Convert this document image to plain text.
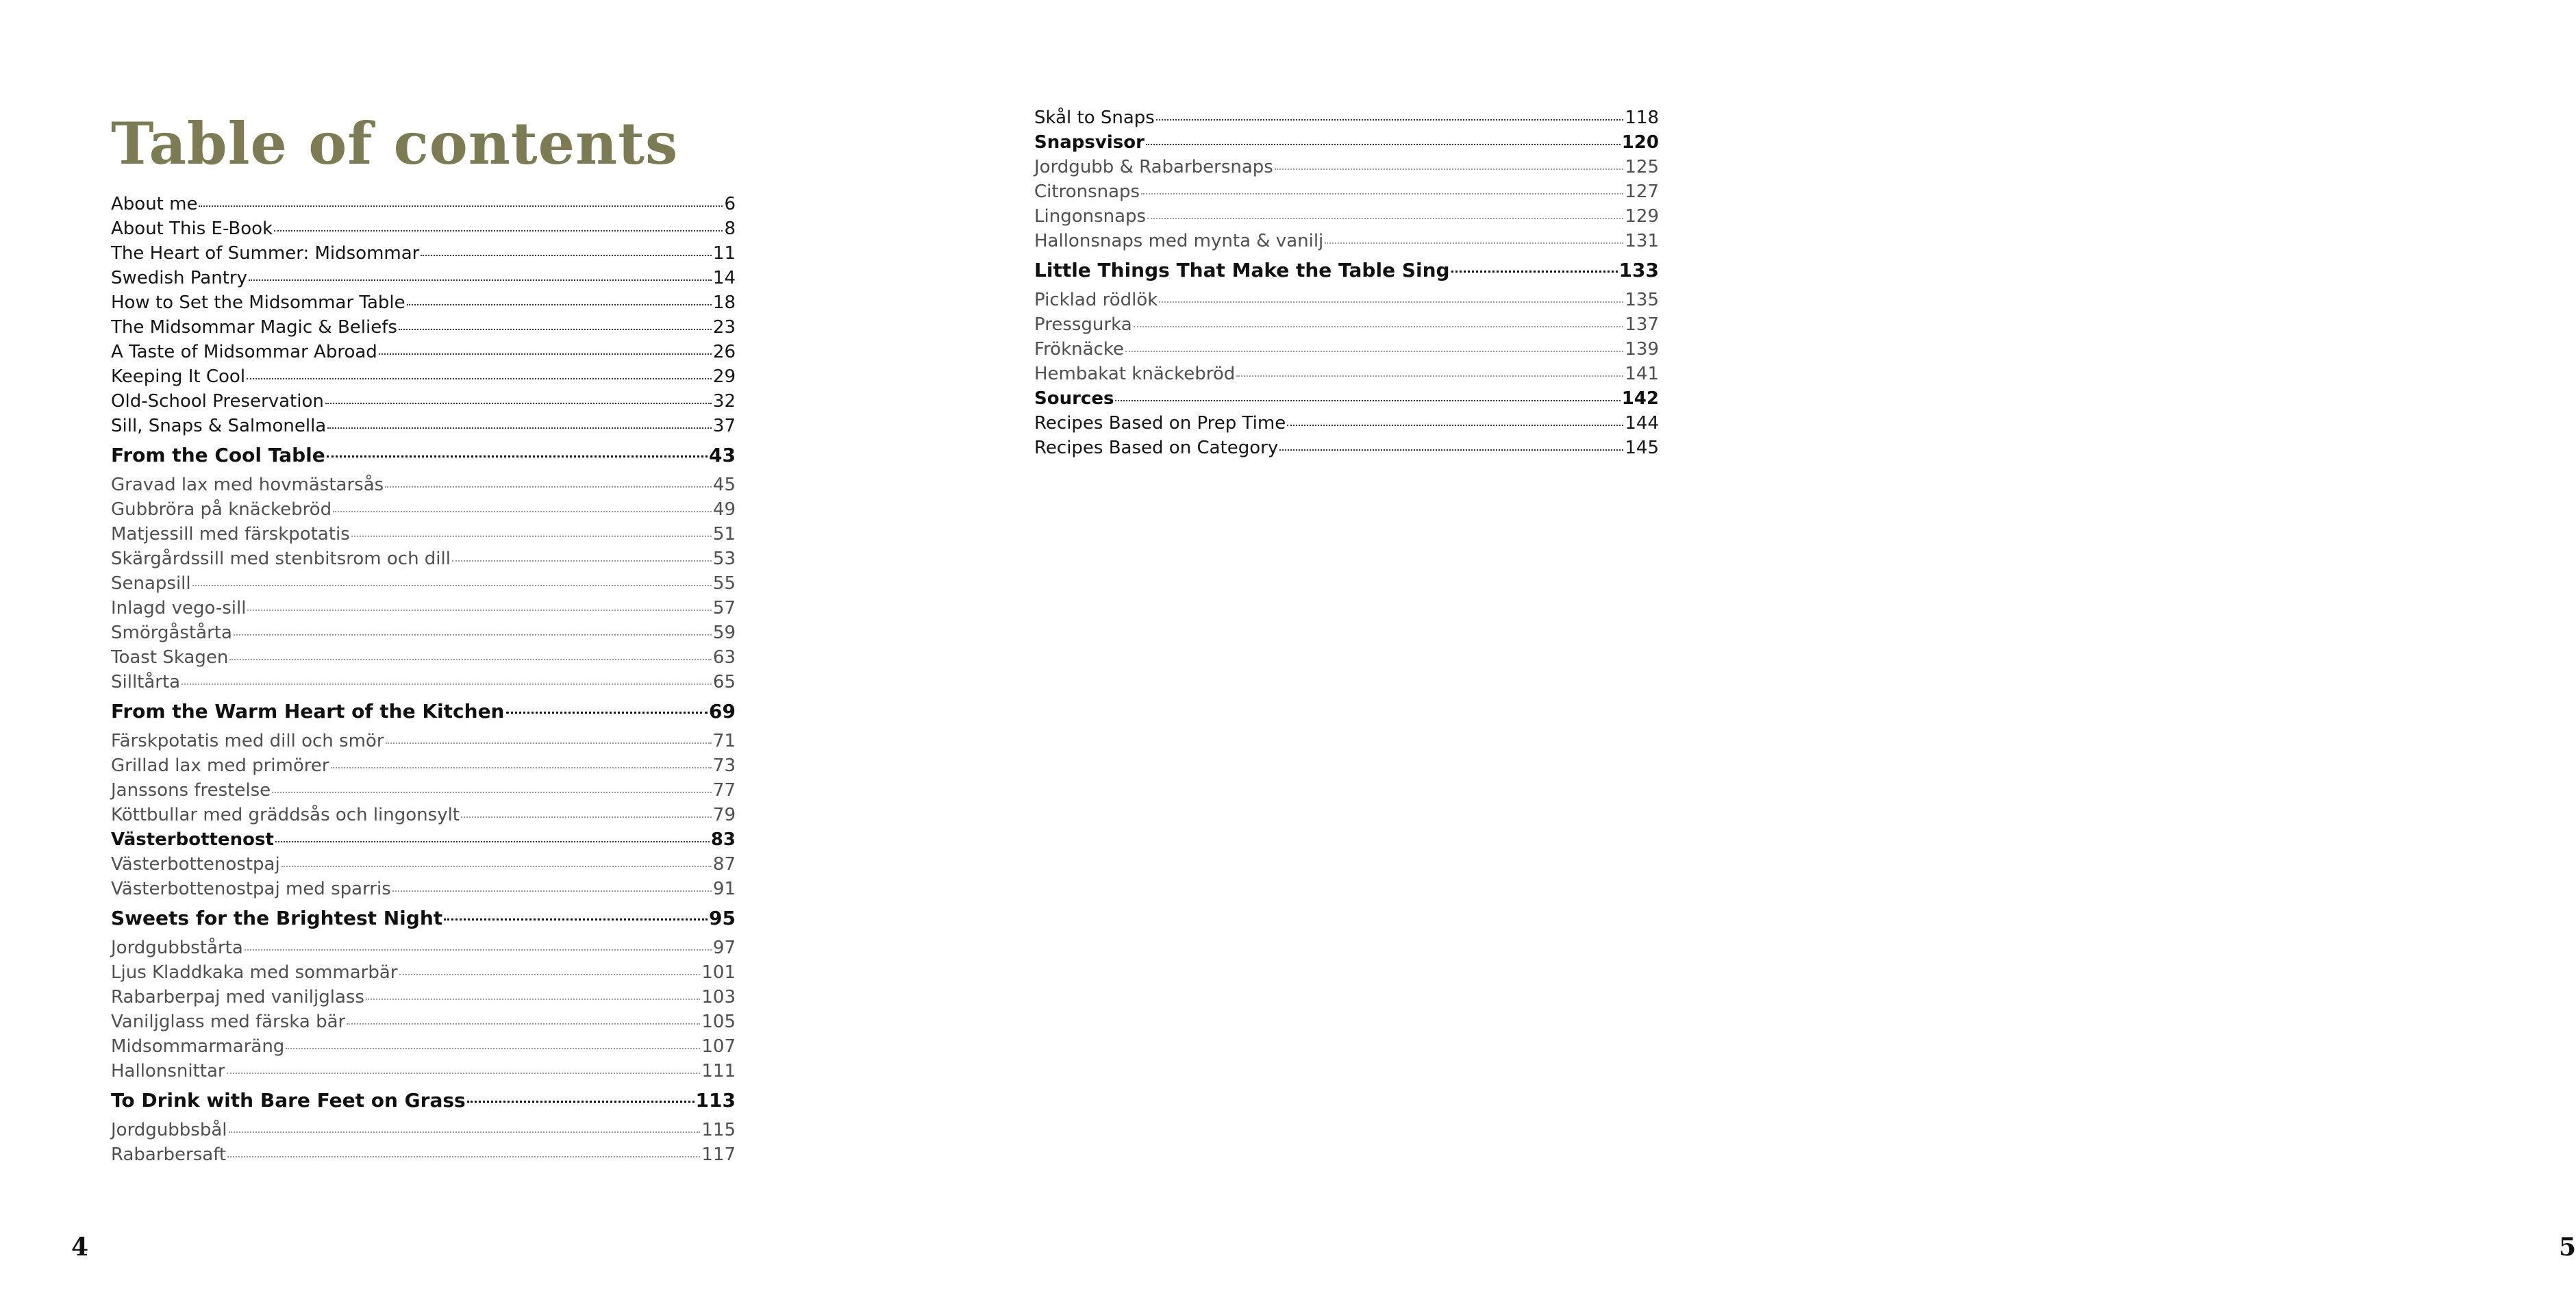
Table of contents
About me	6
About This E-Book	8
The Heart of Summer: Midsommar	11
Swedish Pantry	14
How to Set the Midsommar Table	18
The Midsommar Magic & Beliefs	23
A Taste of Midsommar Abroad	26
Keeping It Cool	29
Old-School Preservation	32
Sill, Snaps & Salmonella	37
From the Cool Table	43
Gravad lax med hovmästarsås	45
Gubbröra på knäckebröd	49
Matjessill med färskpotatis	51
Skärgårdssill med stenbitsrom och dill	53
Senapsill	55
Inlagd vego-sill	57
Smörgåstårta	59
Toast Skagen	63
Silltårta	65
From the Warm Heart of the Kitchen	69
Färskpotatis med dill och smör	71
Grillad lax med primörer	73
Janssons frestelse	77
Köttbullar med gräddsås och lingonsylt	79
Västerbottenost	83
Västerbottenostpaj	87
Västerbottenostpaj med sparris	91
Sweets for the Brightest Night	95
Jordgubbstårta	97
Ljus Kladdkaka med sommarbär	101
Rabarberpaj med vaniljglass	103
Vaniljglass med färska bär	105
Midsommarmaräng	107
Hallonsnittar	111
To Drink with Bare Feet on Grass	113
Jordgubbsbål	115
Rabarbersaft	117
4	5
Skål to Snaps	118
Snapsvisor	120
Jordgubb & Rabarbersnaps	125
Citronsnaps	127
Lingonsnaps	129
Hallonsnaps med mynta & vanilj	131
Little Things That Make the Table Sing	133
Picklad rödlök	135
Pressgurka	137
Fröknäcke	139
Hembakat knäckebröd	141
Sources	142
Recipes Based on Prep Time	144
Recipes Based on Category	145
